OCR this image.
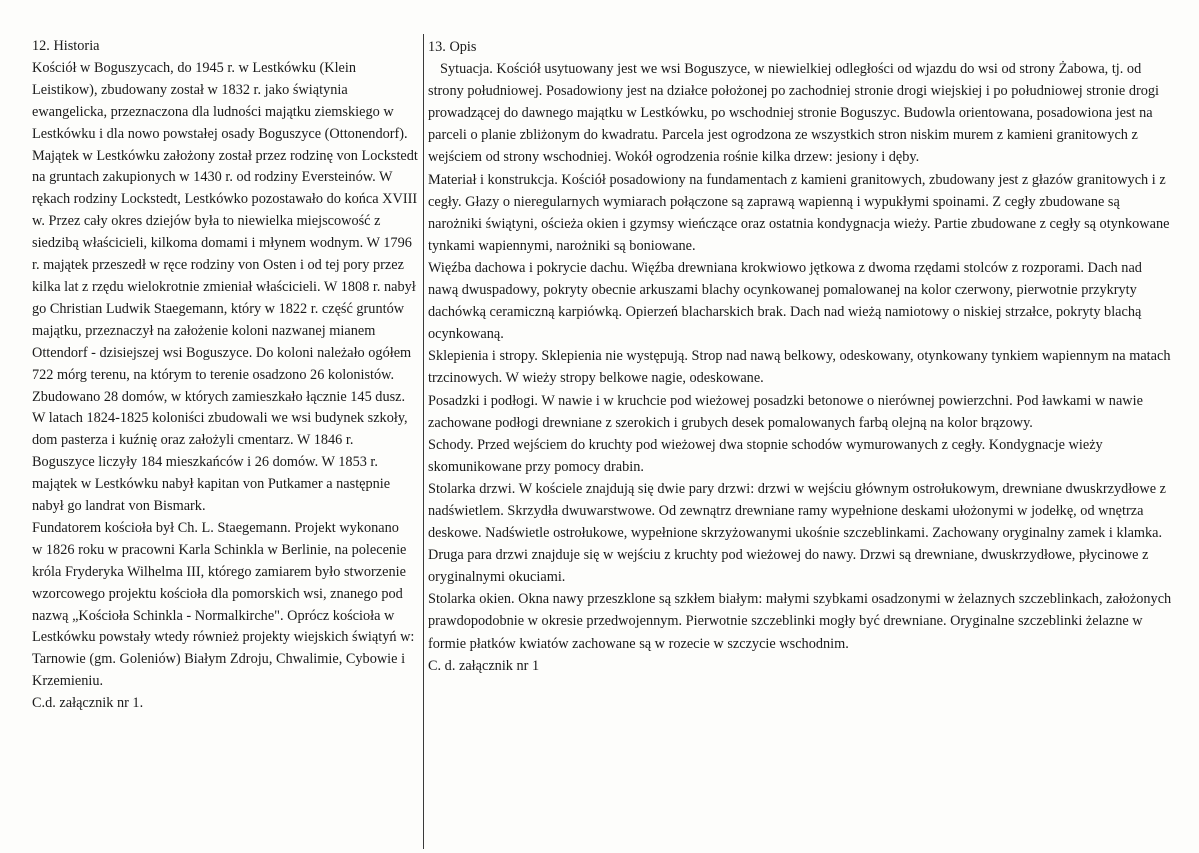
12. Historia
Kościół w Boguszycach, do 1945 r. w Lestkówku (Klein
Leistikow), zbudowany został w 1832 r. jako świątynia
ewangelicka, przeznaczona dla ludności majątku ziemskiego w
Lestkówku i dla nowo powstałej osady Boguszyce (Ottonendorf).
Majątek w Lestkówku założony został przez rodzinę von Lockstedt
na gruntach zakupionych w 1430 r. od rodziny Eversteinów. W
rękach rodziny Lockstedt, Lestkówko pozostawało do końca XVIII
w. Przez cały okres dziejów była to niewielka miejscowość z
siedzibą właścicieli, kilkoma domami i młynem wodnym. W 1796
r. majątek przeszedł w ręce rodziny von Osten i od tej pory przez
kilka lat z rzędu wielokrotnie zmieniał właścicieli. W 1808 r. nabył
go Christian Ludwik Staegemann, który w 1822 r. część gruntów
majątku, przeznaczył na założenie koloni nazwanej mianem
Ottendorf - dzisiejszej wsi Boguszyce. Do koloni należało ogółem
722 mórg terenu, na którym to terenie osadzono 26 kolonistów.
Zbudowano 28 domów, w których zamieszkało łącznie 145 dusz.
W latach 1824-1825 koloniści zbudowali we wsi budynek szkoły,
dom pasterza i kuźnię oraz założyli cmentarz. W 1846 r.
Boguszyce liczyły 184 mieszkańców i 26 domów. W 1853 r.
majątek w Lestkówku nabył kapitan von Putkamer a następnie
nabył go landrat von Bismark.
Fundatorem kościoła był Ch. L. Staegemann. Projekt wykonano
w 1826 roku w pracowni Karla Schinkla w Berlinie, na polecenie
króla Fryderyka Wilhelma III, którego zamiarem było stworzenie
wzorcowego projektu kościoła dla pomorskich wsi, znanego pod
nazwą „Kościoła Schinkla - Normalkirche". Oprócz kościoła w
Lestkówku powstały wtedy również projekty wiejskich świątyń w:
Tarnowie (gm. Goleniów) Białym Zdroju, Chwalimie, Cybowie i
Krzemieniu.
C.d. załącznik nr 1.
13. Opis
Sytuacja. Kościół usytuowany jest we wsi Boguszyce, w niewielkiej odległości od wjazdu do wsi od strony Żabowa, tj. od
strony południowej. Posadowiony jest na działce położonej po zachodniej stronie drogi wiejskiej i po południowej stronie drogi
prowadzącej do dawnego majątku w Lestkówku, po wschodniej stronie Boguszyc. Budowla orientowana, posadowiona jest na
parceli o planie zbliżonym do kwadratu. Parcela jest ogrodzona ze wszystkich stron niskim murem z kamieni granitowych z
wejściem od strony wschodniej. Wokół ogrodzenia rośnie kilka drzew: jesiony i dęby.
Materiał i konstrukcja. Kościół posadowiony na fundamentach z kamieni granitowych, zbudowany jest z głazów granitowych i z
cegły. Głazy o nieregularnych wymiarach połączone są zaprawą wapienną i wypukłymi spoinami. Z cegły zbudowane są
narożniki świątyni, ościeża okien i gzymsy wieńczące oraz ostatnia kondygnacja wieży. Partie zbudowane z cegły są otynkowane
tynkami wapiennymi, narożniki są boniowane.
Więźba dachowa i pokrycie dachu. Więźba drewniana krokwiowo jętkowa z dwoma rzędami stolców z rozporami. Dach nad
nawą dwuspadowy, pokryty obecnie arkuszami blachy ocynkowanej pomalowanej na kolor czerwony, pierwotnie przykryty
dachówką ceramiczną karpiówką. Opierzeń blacharskich brak. Dach nad wieżą namiotowy o niskiej strzałce, pokryty blachą
ocynkowaną.
Sklepienia i stropy. Sklepienia nie występują. Strop nad nawą belkowy, odeskowany, otynkowany tynkiem wapiennym na matach
trzcinowych. W wieży stropy belkowe nagie, odeskowane.
Posadzki i podłogi. W nawie i w kruchcie pod wieżowej posadzki betonowe o nierównej powierzchni. Pod ławkami w nawie
zachowane podłogi drewniane z szerokich i grubych desek pomalowanych farbą olejną na kolor brązowy.
Schody. Przed wejściem do kruchty pod wieżowej dwa stopnie schodów wymurowanych z cegły. Kondygnacje wieży
skomunikowane przy pomocy drabin.
Stolarka drzwi. W kościele znajdują się dwie pary drzwi: drzwi w wejściu głównym ostrołukowym, drewniane dwuskrzydłowe z
nadświetlem. Skrzydła dwuwarstwowe. Od zewnątrz drewniane ramy wypełnione deskami ułożonymi w jodełkę, od wnętrza
deskowe. Nadświetle ostrołukowe, wypełnione skrzyżowanymi ukośnie szczeblinkami. Zachowany oryginalny zamek i klamka.
Druga para drzwi znajduje się w wejściu z kruchty pod wieżowej do nawy. Drzwi są drewniane, dwuskrzydłowe, płycinowe z
oryginalnymi okuciami.
Stolarka okien. Okna nawy przeszklone są szkłem białym: małymi szybkami osadzonymi w żelaznych szczeblinkach, założonych
prawdopodobnie w okresie przedwojennym. Pierwotnie szczeblinki mogły być drewniane. Oryginalne szczeblinki żelazne w
formie płatków kwiatów zachowane są w rozecie w szczycie wschodnim.
C. d. załącznik nr 1
